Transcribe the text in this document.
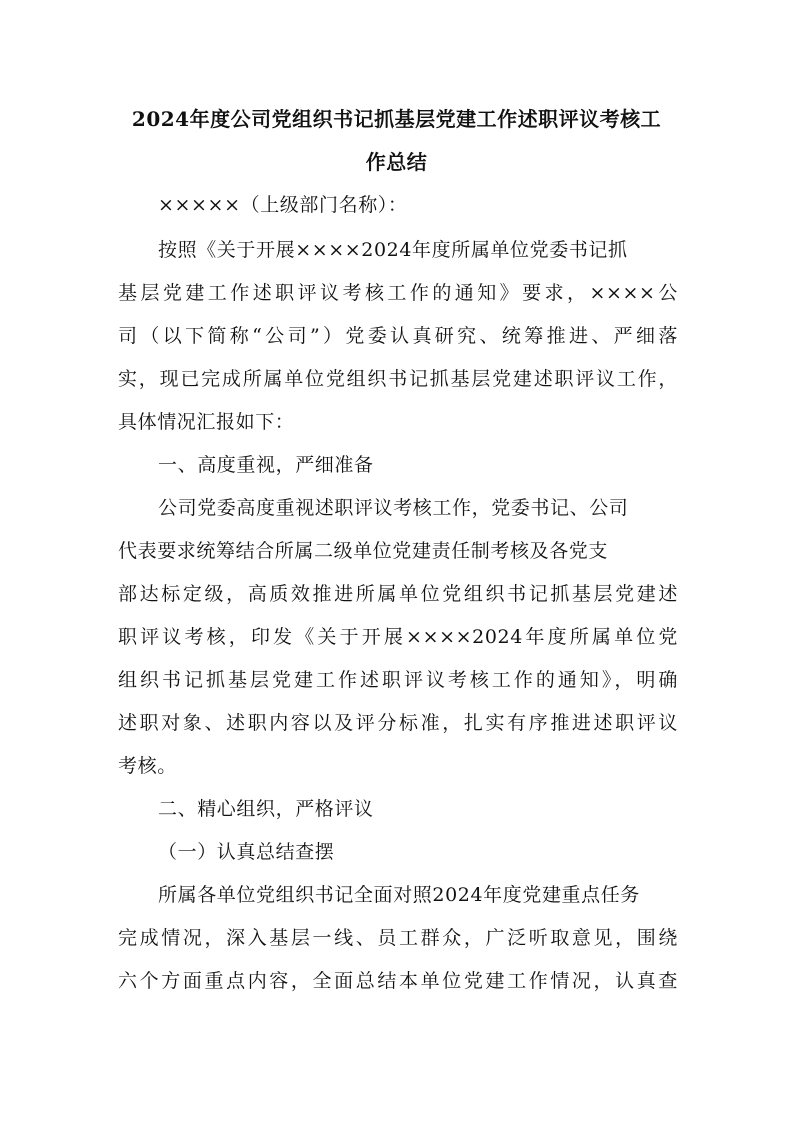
2024年度公司党组织书记抓基层党建工作述职评议考核工
作总结
×××××（上级部门名称）：
按照《关于开展××××2024年度所属单位党委书记抓
基层党建工作述职评议考核工作的通知》要求，××××公
司（以下简称“公司”）党委认真研究、统筹推进、严细落
实，现已完成所属单位党组织书记抓基层党建述职评议工作，
具体情况汇报如下：
一、高度重视，严细准备
公司党委高度重视述职评议考核工作，党委书记、公司
代表要求统筹结合所属二级单位党建责任制考核及各党支
部达标定级，高质效推进所属单位党组织书记抓基层党建述
职评议考核，印发《关于开展××××2024年度所属单位党
组织书记抓基层党建工作述职评议考核工作的通知》，明确
述职对象、述职内容以及评分标准，扎实有序推进述职评议
考核。
二、精心组织，严格评议
（一）认真总结查摆
所属各单位党组织书记全面对照2024年度党建重点任务
完成情况，深入基层一线、员工群众，广泛听取意见，围绕
六个方面重点内容，全面总结本单位党建工作情况，认真查
